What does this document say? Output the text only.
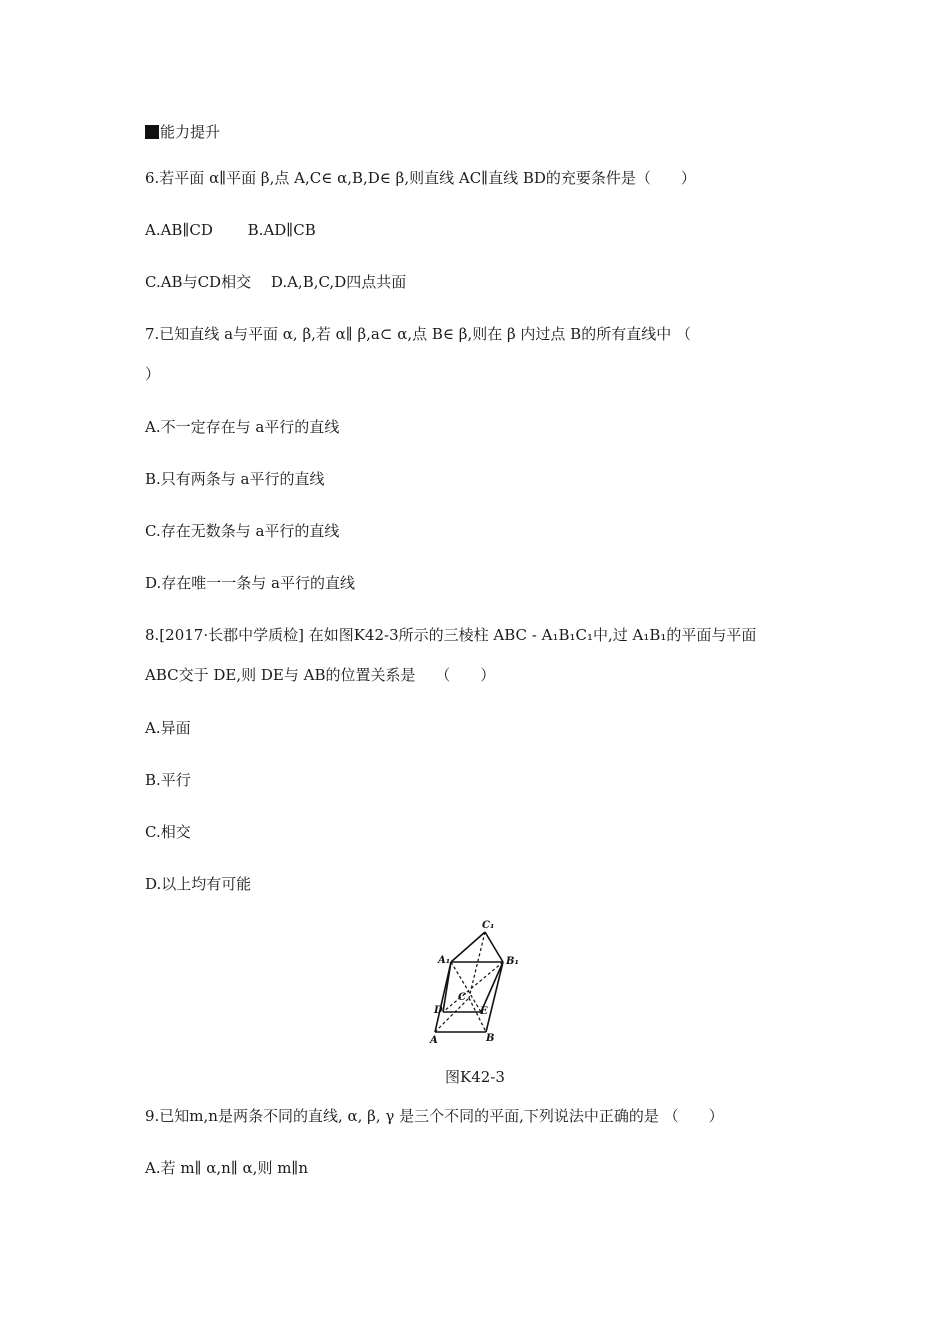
能力提升
6.若平面 α∥平面 β,点 A,C∈ α,B,D∈ β,则直线 AC∥直线 BD的充要条件是（　　）
A.AB∥CD　　 B.AD∥CB
C.AB与CD相交　 D.A,B,C,D四点共面
7.已知直线 a与平面 α, β,若 α∥ β,a⊂ α,点 B∈ β,则在 β 内过点 B的所有直线中 （
）
A.不一定存在与 a平行的直线
B.只有两条与 a平行的直线
C.存在无数条与 a平行的直线
D.存在唯一一条与 a平行的直线
8.[2017·长郡中学质检] 在如图K42-3所示的三棱柱 ABC - A₁B₁C₁中,过 A₁B₁的平面与平面
ABC交于 DE,则 DE与 AB的位置关系是　 （　　）
A.异面
B.平行
C.相交
D.以上均有可能
C₁
B₁
A₁
C
D	E
A	B
图K42-3
9.已知m,n是两条不同的直线, α, β, γ 是三个不同的平面,下列说法中正确的是 （　　）
A.若 m∥ α,n∥ α,则 m∥n
